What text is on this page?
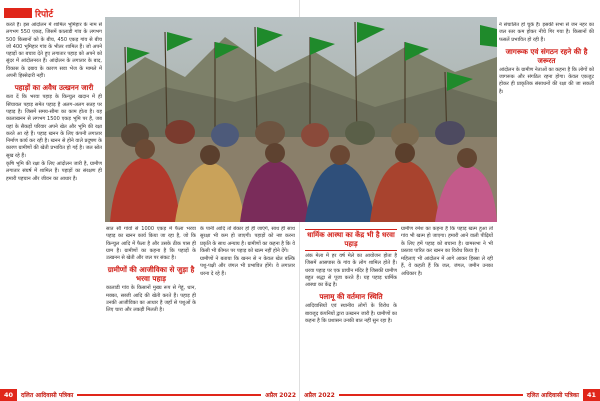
रिपोर्ट

करते हैं। इस आंदोलन में शामिल भूमिहार के नाम से लगभग 550 एकड़, जिसमें कालाडी गांव के लगभग 500 किसानों को के बीच, 450 एकड़ गांव से बीच जो 400 भूमिहार गांव के भीतर शामिल हैं। जो अपने पहाड़ों का बचाव देते हुए लगातार पहाड़ को अपने को सुंदर में आंदोलनरत हैं। आंदोलन के लगातार के बाद, विकास के दबाव के कारण सवा भेज के मामले में अपनी हिस्सेदारी नहीं।

पहाड़ों का अवैध उत्खनन जारी

बता दें कि भरवा पहाड़ के किन्चुल खदान में ही सिंचायल पहाड़ समेत पहाड़ है अलग-अलग सतह पर पहाड़ है। जिसमें समय-सीमा का काम होता है। यह कालाखनन से लगभग 1500 एकड़ भूमि पर है, जब यहां के सैकड़ों परिवार अपने खेत और भूमि की रक्षा करते आ रहे हैं। पहाड़ खनन के लिए कंपनी लगातार निर्माण कार्य कर रही है। खनन से होने वाले प्रदूषण के कारण ग्रामीणों की खेती प्रभावित हो गई है। जल स्रोत सूख रहे हैं।

कृषि भूमि की रक्षा के लिए आंदोलन जारी है, ग्रामीण लगातार संघर्ष में शामिल हैं। पहाड़ों का संरक्षण ही हमारी पहचान और जीवन का आधार है।

सात सौ गांवों से 1000 एकड़ में फैला भरवा पहाड़ का खनन कार्य किया जा रहा है, जो कि किन्चुल आदि में फैला है और उसके ठीक पास ही ग्राम है। ग्रामीणों का कहना है कि पहाड़ों के उत्खनन से खेती और जल पर संकट है।

ग्रामीणों की आजीविका से जुड़ा है भरवा पहाड़

कालाडी गांव के किसानों मुख्य रूप से गेहूं, धान, मक्का, सब्जी आदि की खेती करते हैं। पहाड़ ही उनकी आजीविका का आधार है जहाँ से पशुओं के लिए चारा और लकड़ी मिलती है।

के पानी आदि तो बेकार हो ही जाएंगे, साथ ही साथ सुरक्षा भी कम हो जाएगी। पहाड़ों को नष्ट करना प्रकृति के साथ अन्याय है। ग्रामीणों का कहना है कि वे किसी भी कीमत पर पहाड़ को खत्म नहीं होने देंगे।

ग्रामीणों ने बताया कि खनन से न केवल खेत बल्कि पशु-पक्षी और जंगल भी प्रभावित होंगे। वे लगातार धरना दे रहे हैं।

40	दलित आदिवासी पत्रिका	अप्रैल 2022
धार्मिक आस्था का केंद्र भी है धरवा पहाड़

अंक मेला में हर वर्ष मेले का आयोजन होता है जिसमें आसपास के गांव के लोग शामिल होते हैं। धरवा पहाड़ पर एक प्राचीन मंदिर है जिसकी ग्रामीण बहुत श्रद्धा से पूजा करते हैं। यह पहाड़ धार्मिक आस्था का केंद्र है।

पलामू की वर्तमान स्थिति

आदिवासियों एवं स्थानीय लोगों के विरोध के बावजूद कंपनियों द्वारा उत्खनन जारी है। ग्रामीणों का कहना है कि प्रशासन उनकी बात नहीं सुन रहा है।

ग्रामीण रमेश का कहना है कि पहाड़ खत्म हुआ तो गांव भी खत्म हो जाएगा। हमारी आने वाली पीढ़ियों के लिए हमें पहाड़ को बचाना है। ग्रामसभा ने भी प्रस्ताव पारित कर खनन का विरोध किया है।

महिलाएं भी आंदोलन में आगे आकर हिस्सा ले रही हैं, वे कहती हैं कि जल, जंगल, जमीन उनका अधिकार है।

ने संचालित हो चुके हैं। इसकी सभा से जन नहर का जल स्तर कम होकर नीचे गिर गया है। किसानों की फसलें प्रभावित हो रही हैं।

जागरूक एवं संगठन रहने की है जरूरत

आंदोलन के ग्रामीण नेताओं का कहना है कि लोगों को जागरूक और संगठित रहना होगा। केवल एकजुट होकर ही प्राकृतिक संसाधनों की रक्षा की जा सकती है।

अप्रैल 2022	दलित आदिवासी पत्रिका	41
